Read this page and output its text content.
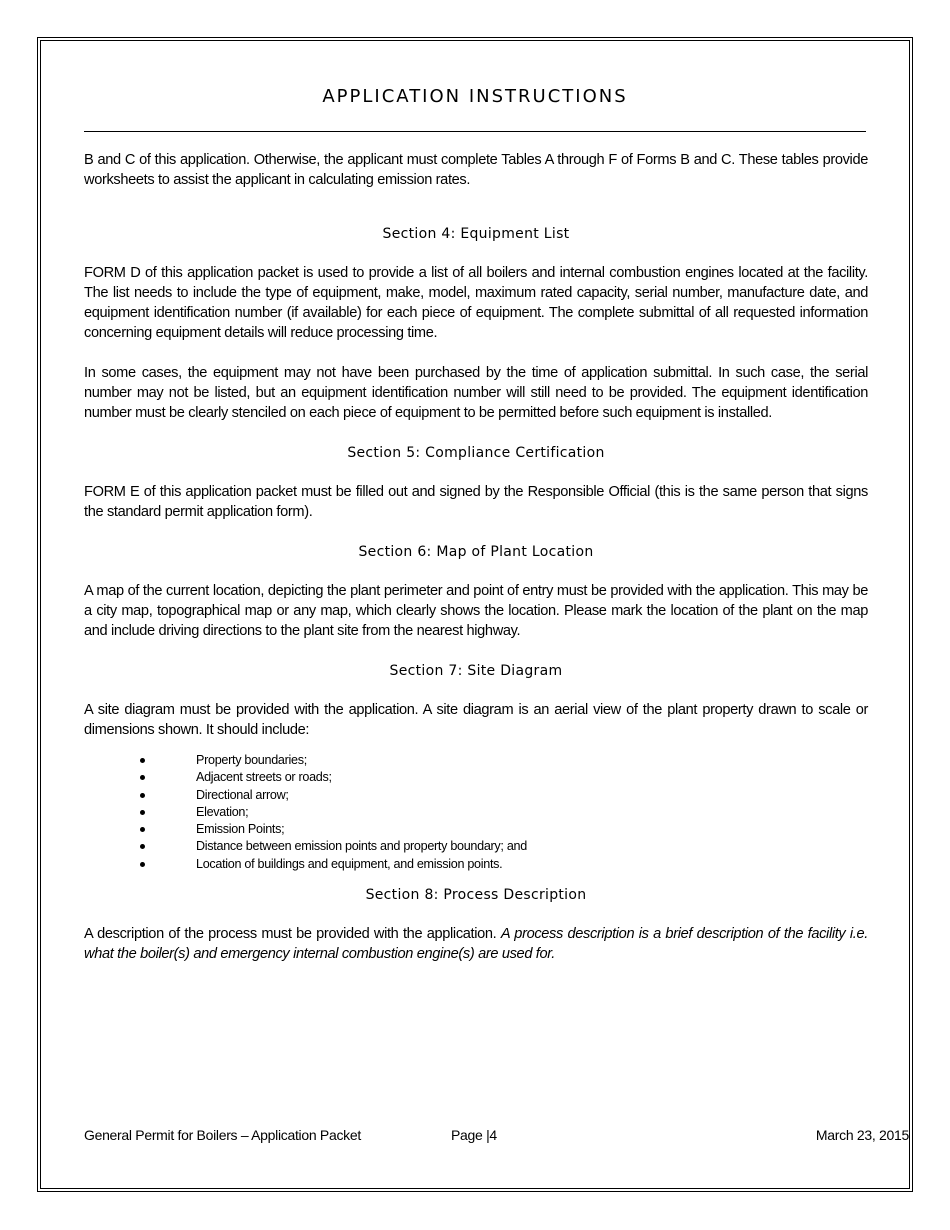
APPLICATION INSTRUCTIONS

B and C of this application. Otherwise, the applicant must complete Tables A through F of Forms B and C. These tables provide worksheets to assist the applicant in calculating emission rates.

Section 4: Equipment List

FORM D of this application packet is used to provide a list of all boilers and internal combustion engines located at the facility. The list needs to include the type of equipment, make, model, maximum rated capacity, serial number, manufacture date, and equipment identification number (if available) for each piece of equipment. The complete submittal of all requested information concerning equipment details will reduce processing time.

In some cases, the equipment may not have been purchased by the time of application submittal. In such case, the serial number may not be listed, but an equipment identification number will still need to be provided. The equipment identification number must be clearly stenciled on each piece of equipment to be permitted before such equipment is installed.

Section 5: Compliance Certification

FORM E of this application packet must be filled out and signed by the Responsible Official (this is the same person that signs the standard permit application form).

Section 6: Map of Plant Location

A map of the current location, depicting the plant perimeter and point of entry must be provided with the application. This may be a city map, topographical map or any map, which clearly shows the location. Please mark the location of the plant on the map and include driving directions to the plant site from the nearest highway.

Section 7: Site Diagram

A site diagram must be provided with the application. A site diagram is an aerial view of the plant property drawn to scale or dimensions shown. It should include:

Property boundaries;
Adjacent streets or roads;
Directional arrow;
Elevation;
Emission Points;
Distance between emission points and property boundary; and
Location of buildings and equipment, and emission points.
Section 8: Process Description

A description of the process must be provided with the application. A process description is a brief description of the facility i.e. what the boiler(s) and emergency internal combustion engine(s) are used for.

General Permit for Boilers – Application Packet	Page |4	March 23, 2015
